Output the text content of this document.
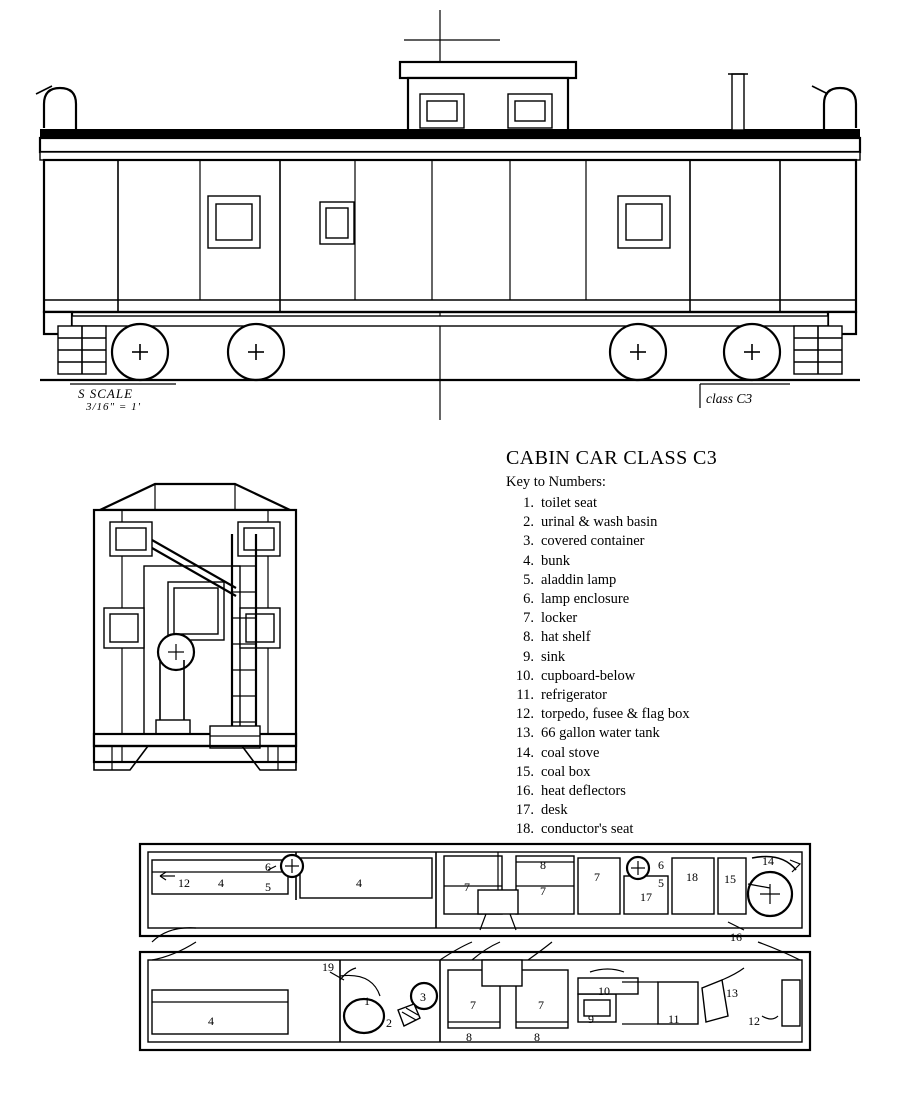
S SCALE
3/16" = 1'
class C3
CABIN CAR CLASS C3
Key to Numbers:
1. toilet seat
2. urinal & wash basin
3. covered container
4. bunk
5. aladdin lamp
6. lamp enclosure
7. locker
8. hat shelf
9. sink
10. cupboard-below
11. refrigerator
12. torpedo, fusee & flag box
13. 66 gallon water tank
14. coal stove
15. coal box
16. heat deflectors
17. desk
18. conductor's seat
12 4
6
5	4	7
8
7
7
6
5 18
17
15
14
16
19
4
1
2
3
7	7
8	8
10
9	11
13
12
